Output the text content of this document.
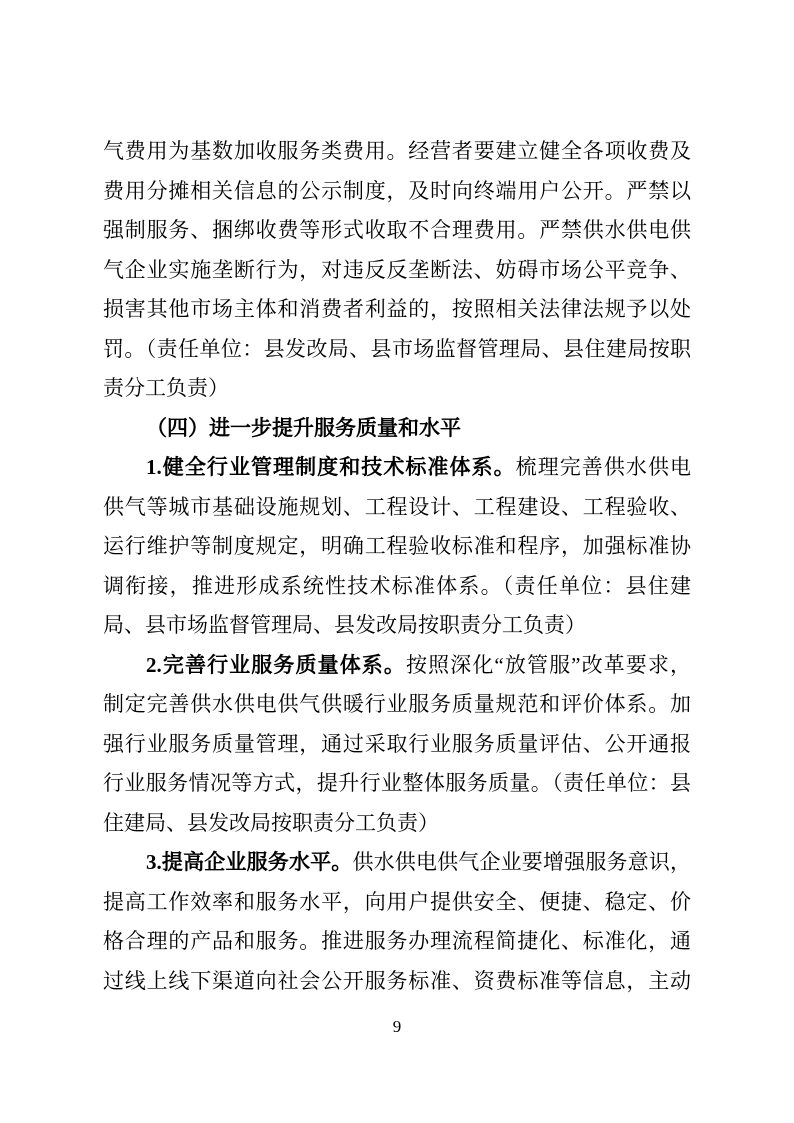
气费用为基数加收服务类费用。经营者要建立健全各项收费及
费用分摊相关信息的公示制度，及时向终端用户公开。严禁以
强制服务、捆绑收费等形式收取不合理费用。严禁供水供电供
气企业实施垄断行为，对违反反垄断法、妨碍市场公平竞争、
损害其他市场主体和消费者利益的，按照相关法律法规予以处
罚。（责任单位：县发改局、县市场监督管理局、县住建局按职
责分工负责）
（四）进一步提升服务质量和水平
1.健全行业管理制度和技术标准体系。梳理完善供水供电
供气等城市基础设施规划、工程设计、工程建设、工程验收、
运行维护等制度规定，明确工程验收标准和程序，加强标准协
调衔接，推进形成系统性技术标准体系。（责任单位：县住建
局、县市场监督管理局、县发改局按职责分工负责）
2.完善行业服务质量体系。按照深化“放管服”改革要求，
制定完善供水供电供气供暖行业服务质量规范和评价体系。加
强行业服务质量管理，通过采取行业服务质量评估、公开通报
行业服务情况等方式，提升行业整体服务质量。（责任单位：县
住建局、县发改局按职责分工负责）
3.提高企业服务水平。供水供电供气企业要增强服务意识，
提高工作效率和服务水平，向用户提供安全、便捷、稳定、价
格合理的产品和服务。推进服务办理流程简捷化、标准化，通
过线上线下渠道向社会公开服务标准、资费标准等信息，主动
9
